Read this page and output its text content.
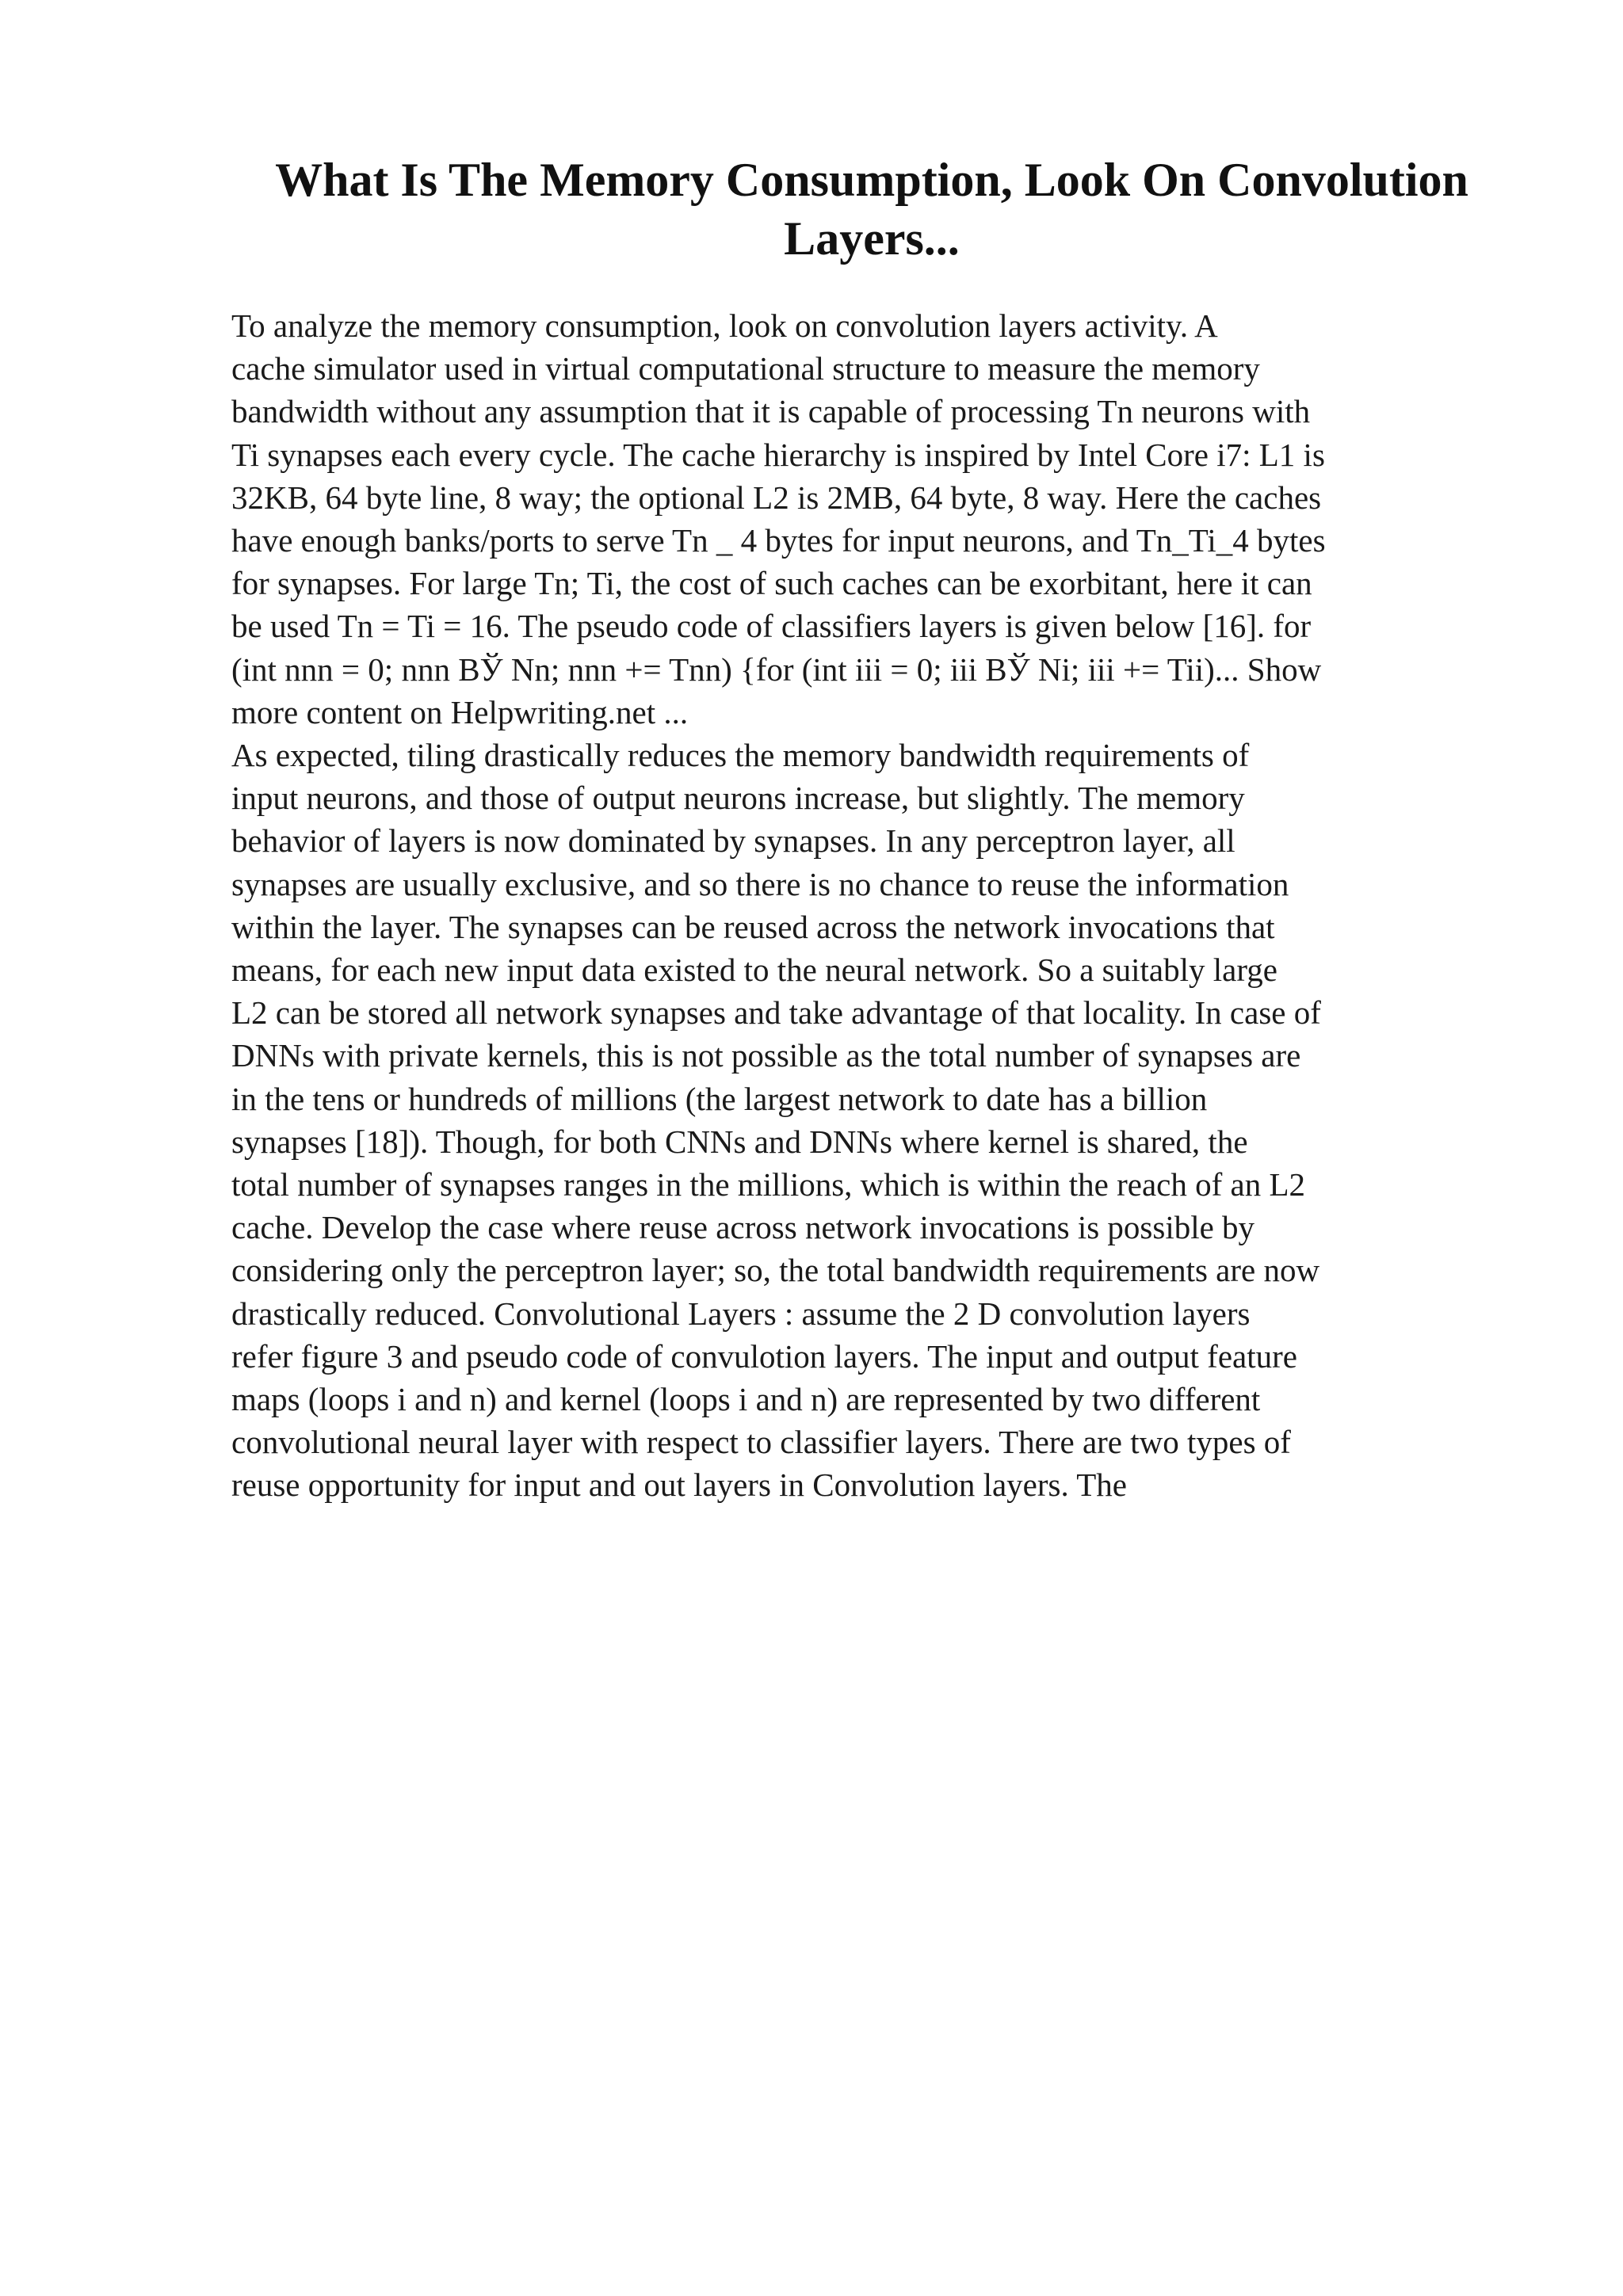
What Is The Memory Consumption, Look On Convolution
Layers...
To analyze the memory consumption, look on convolution layers activity. A
cache simulator used in virtual computational structure to measure the memory
bandwidth without any assumption that it is capable of processing Tn neurons with
Ti synapses each every cycle. The cache hierarchy is inspired by Intel Core i7: L1 is
32KB, 64 byte line, 8 way; the optional L2 is 2MB, 64 byte, 8 way. Here the caches
have enough banks/ports to serve Tn _ 4 bytes for input neurons, and Tn_Ti_4 bytes
for synapses. For large Tn; Ti, the cost of such caches can be exorbitant, here it can
be used Tn = Ti = 16. The pseudo code of classifiers layers is given below [16]. for
(int nnn = 0; nnn BЎ Nn; nnn += Tnn) {for (int iii = 0; iii BЎ Ni; iii += Tii)... Show
more content on Helpwriting.net ...
As expected, tiling drastically reduces the memory bandwidth requirements of
input neurons, and those of output neurons increase, but slightly. The memory
behavior of layers is now dominated by synapses. In any perceptron layer, all
synapses are usually exclusive, and so there is no chance to reuse the information
within the layer. The synapses can be reused across the network invocations that
means, for each new input data existed to the neural network. So a suitably large
L2 can be stored all network synapses and take advantage of that locality. In case of
DNNs with private kernels, this is not possible as the total number of synapses are
in the tens or hundreds of millions (the largest network to date has a billion
synapses [18]). Though, for both CNNs and DNNs where kernel is shared, the
total number of synapses ranges in the millions, which is within the reach of an L2
cache. Develop the case where reuse across network invocations is possible by
considering only the perceptron layer; so, the total bandwidth requirements are now
drastically reduced. Convolutional Layers : assume the 2 D convolution layers
refer figure 3 and pseudo code of convulotion layers. The input and output feature
maps (loops i and n) and kernel (loops i and n) are represented by two different
convolutional neural layer with respect to classifier layers. There are two types of
reuse opportunity for input and out layers in Convolution layers. The
